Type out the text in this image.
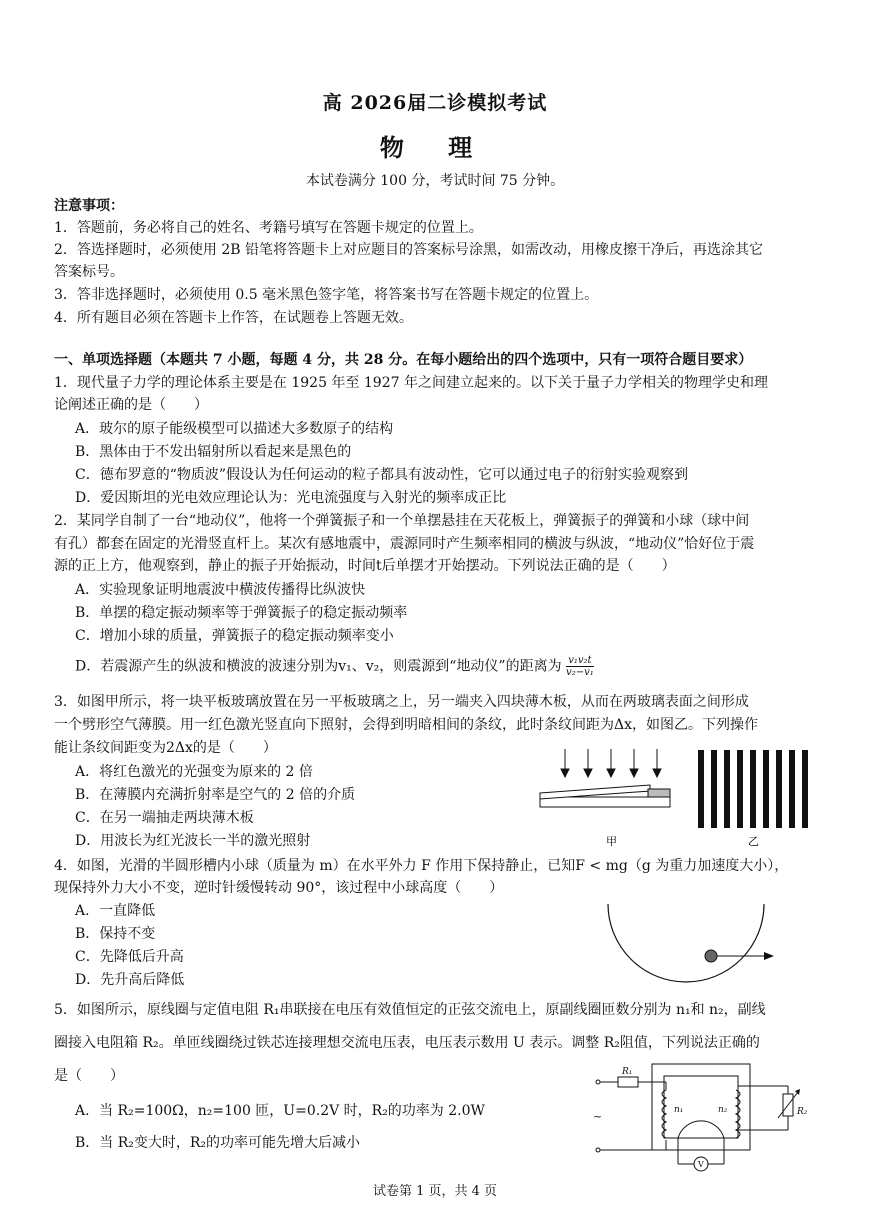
高 2026届二诊模拟考试
物 理
本试卷满分 100 分，考试时间 75 分钟。
注意事项：
1．答题前，务必将自己的姓名、考籍号填写在答题卡规定的位置上。
2．答选择题时，必须使用 2B 铅笔将答题卡上对应题目的答案标号涂黑，如需改动，用橡皮擦干净后，再选涂其它
答案标号。
3．答非选择题时，必须使用 0.5 毫米黑色签字笔，将答案书写在答题卡规定的位置上。
4．所有题目必须在答题卡上作答，在试题卷上答题无效。
一、单项选择题（本题共 7 小题，每题 4 分，共 28 分。在每小题给出的四个选项中，只有一项符合题目要求）
1．现代量子力学的理论体系主要是在 1925 年至 1927 年之间建立起来的。以下关于量子力学相关的物理学史和理
论阐述正确的是（　　）
A．玻尔的原子能级模型可以描述大多数原子的结构
B．黑体由于不发出辐射所以看起来是黑色的
C．德布罗意的“物质波”假设认为任何运动的粒子都具有波动性，它可以通过电子的衍射实验观察到
D．爱因斯坦的光电效应理论认为：光电流强度与入射光的频率成正比
2．某同学自制了一台“地动仪”，他将一个弹簧振子和一个单摆悬挂在天花板上，弹簧振子的弹簧和小球（球中间
有孔）都套在固定的光滑竖直杆上。某次有感地震中，震源同时产生频率相同的横波与纵波，“地动仪”恰好位于震
源的正上方，他观察到，静止的振子开始振动，时间t后单摆才开始摆动。下列说法正确的是（　　）
A．实验现象证明地震波中横波传播得比纵波快
B．单摆的稳定振动频率等于弹簧振子的稳定振动频率
C．增加小球的质量，弹簧振子的稳定振动频率变小
D．若震源产生的纵波和横波的波速分别为v₁、v₂，则震源到“地动仪”的距离为 $\frac{\text{v₁v₂t}}{\text{v₂−v₁}}$
3．如图甲所示，将一块平板玻璃放置在另一平板玻璃之上，另一端夹入四块薄木板，从而在两玻璃表面之间形成
一个劈形空气薄膜。用一红色激光竖直向下照射，会得到明暗相间的条纹，此时条纹间距为Δx，如图乙。下列操作
能让条纹间距变为2Δx的是（　　）
A．将红色激光的光强变为原来的 2 倍
B．在薄膜内充满折射率是空气的 2 倍的介质
C．在另一端抽走两块薄木板
D．用波长为红光波长一半的激光照射	甲	乙
4．如图，光滑的半圆形槽内小球（质量为 m）在水平外力 F 作用下保持静止，已知F < mg（g 为重力加速度大小），
现保持外力大小不变，逆时针缓慢转动 90°，该过程中小球高度（　　）
A．一直降低
B．保持不变
C．先降低后升高
D．先升高后降低
5．如图所示，原线圈与定值电阻 R₁串联接在电压有效值恒定的正弦交流电上，原副线圈匝数分别为 n₁和 n₂，副线
圈接入电阻箱 R₂。单匝线圈绕过铁芯连接理想交流电压表，电压表示数用 U 表示。调整 R₂阻值，下列说法正确的
是（　　）
A．当 R₂=100Ω，n₂=100 匝，U=0.2V 时，R₂的功率为 2.0W
B．当 R₂变大时，R₂的功率可能先增大后减小
R₁
n₁	n₂	R₂
V
~
试卷第 1 页，共 4 页
